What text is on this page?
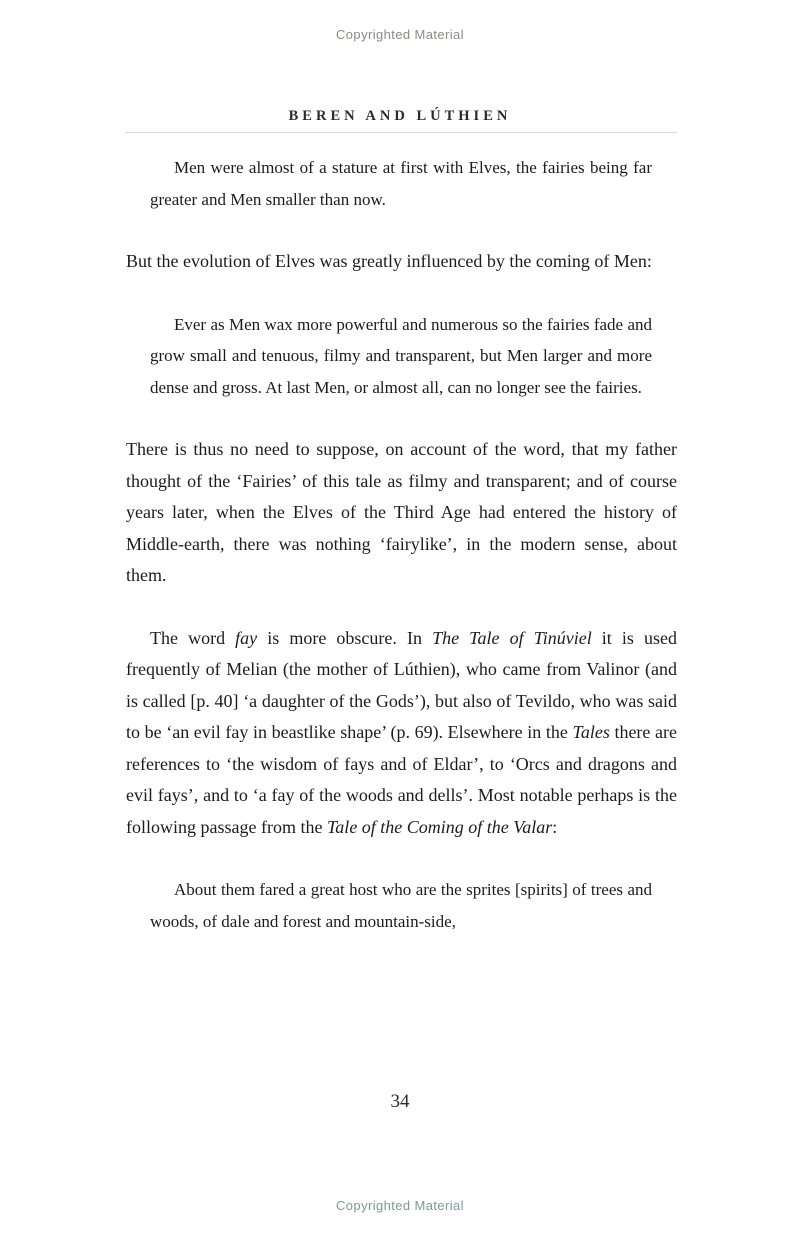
Copyrighted Material
BEREN AND LÚTHIEN
Men were almost of a stature at first with Elves, the fairies being far greater and Men smaller than now.
But the evolution of Elves was greatly influenced by the coming of Men:
Ever as Men wax more powerful and numerous so the fairies fade and grow small and tenuous, filmy and transparent, but Men larger and more dense and gross. At last Men, or almost all, can no longer see the fairies.
There is thus no need to suppose, on account of the word, that my father thought of the ‘Fairies’ of this tale as filmy and transparent; and of course years later, when the Elves of the Third Age had entered the history of Middle-earth, there was nothing ‘fairylike’, in the modern sense, about them.
The word fay is more obscure. In The Tale of Tinúviel it is used frequently of Melian (the mother of Lúthien), who came from Valinor (and is called [p. 40] ‘a daughter of the Gods’), but also of Tevildo, who was said to be ‘an evil fay in beastlike shape’ (p. 69). Elsewhere in the Tales there are references to ‘the wisdom of fays and of Eldar’, to ‘Orcs and dragons and evil fays’, and to ‘a fay of the woods and dells’. Most notable perhaps is the following passage from the Tale of the Coming of the Valar:
About them fared a great host who are the sprites [spirits] of trees and woods, of dale and forest and mountain-side,
34
Copyrighted Material
